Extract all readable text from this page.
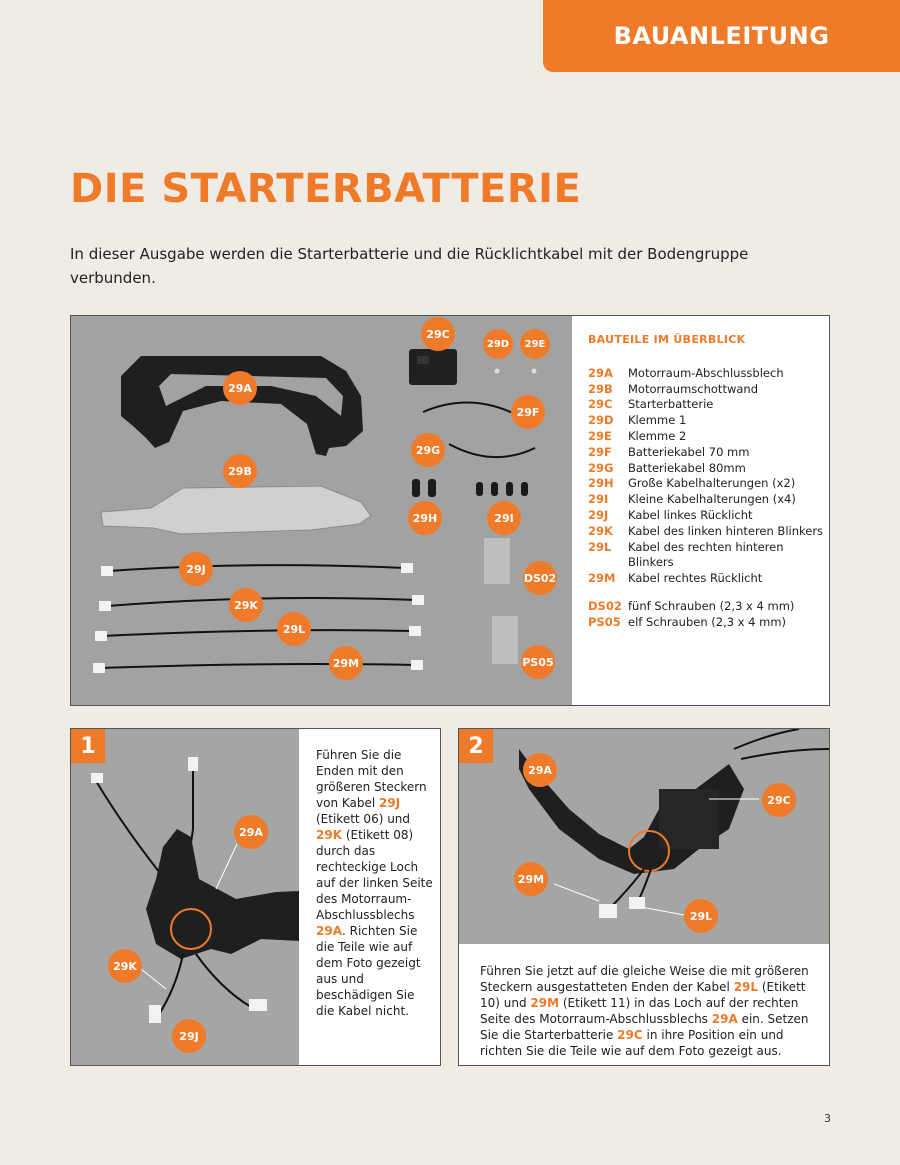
BAUANLEITUNG
DIE STARTERBATTERIE
In dieser Ausgabe werden die Starterbatterie und die Rücklichtkabel mit der Bodengruppe verbunden.
29A
29B
29C
29D	29E
29F
29G
29H	29I
DS02
29J
29K
29L
29M	PS05
BAUTEILE IM ÜBERBLICK
29A	Motorraum-Abschlussblech
29B	Motorraumschottwand
29C	Starterbatterie
29D	Klemme 1
29E	Klemme 2
29F	Batteriekabel 70 mm
29G	Batteriekabel 80mm
29H	Große Kabelhalterungen (x2)
29I	Kleine Kabelhalterungen (x4)
29J	Kabel linkes Rücklicht
29K	Kabel des linken hinteren Blinkers
29L	Kabel des rechten hinteren Blinkers
29M	Kabel rechtes Rücklicht
DS02 fünf Schrauben (2,3 x 4 mm)
PS05 elf Schrauben (2,3 x 4 mm)
1
29A
29K
29J
Führen Sie die Enden mit den größeren Steckern von Kabel 29J (Etikett 06) und 29K (Etikett 08) durch das rechteckige Loch auf der linken Seite des Motorraum-Abschlussblechs 29A. Richten Sie die Teile wie auf dem Foto gezeigt aus und beschädigen Sie die Kabel nicht.
2
29A
29C
29M
29L
Führen Sie jetzt auf die gleiche Weise die mit größeren Steckern ausgestatteten Enden der Kabel 29L (Etikett 10) und 29M (Etikett 11) in das Loch auf der rechten Seite des Motorraum-Abschlussblechs 29A ein. Setzen Sie die Starterbatterie 29C in ihre Position ein und richten Sie die Teile wie auf dem Foto gezeigt aus.
3
